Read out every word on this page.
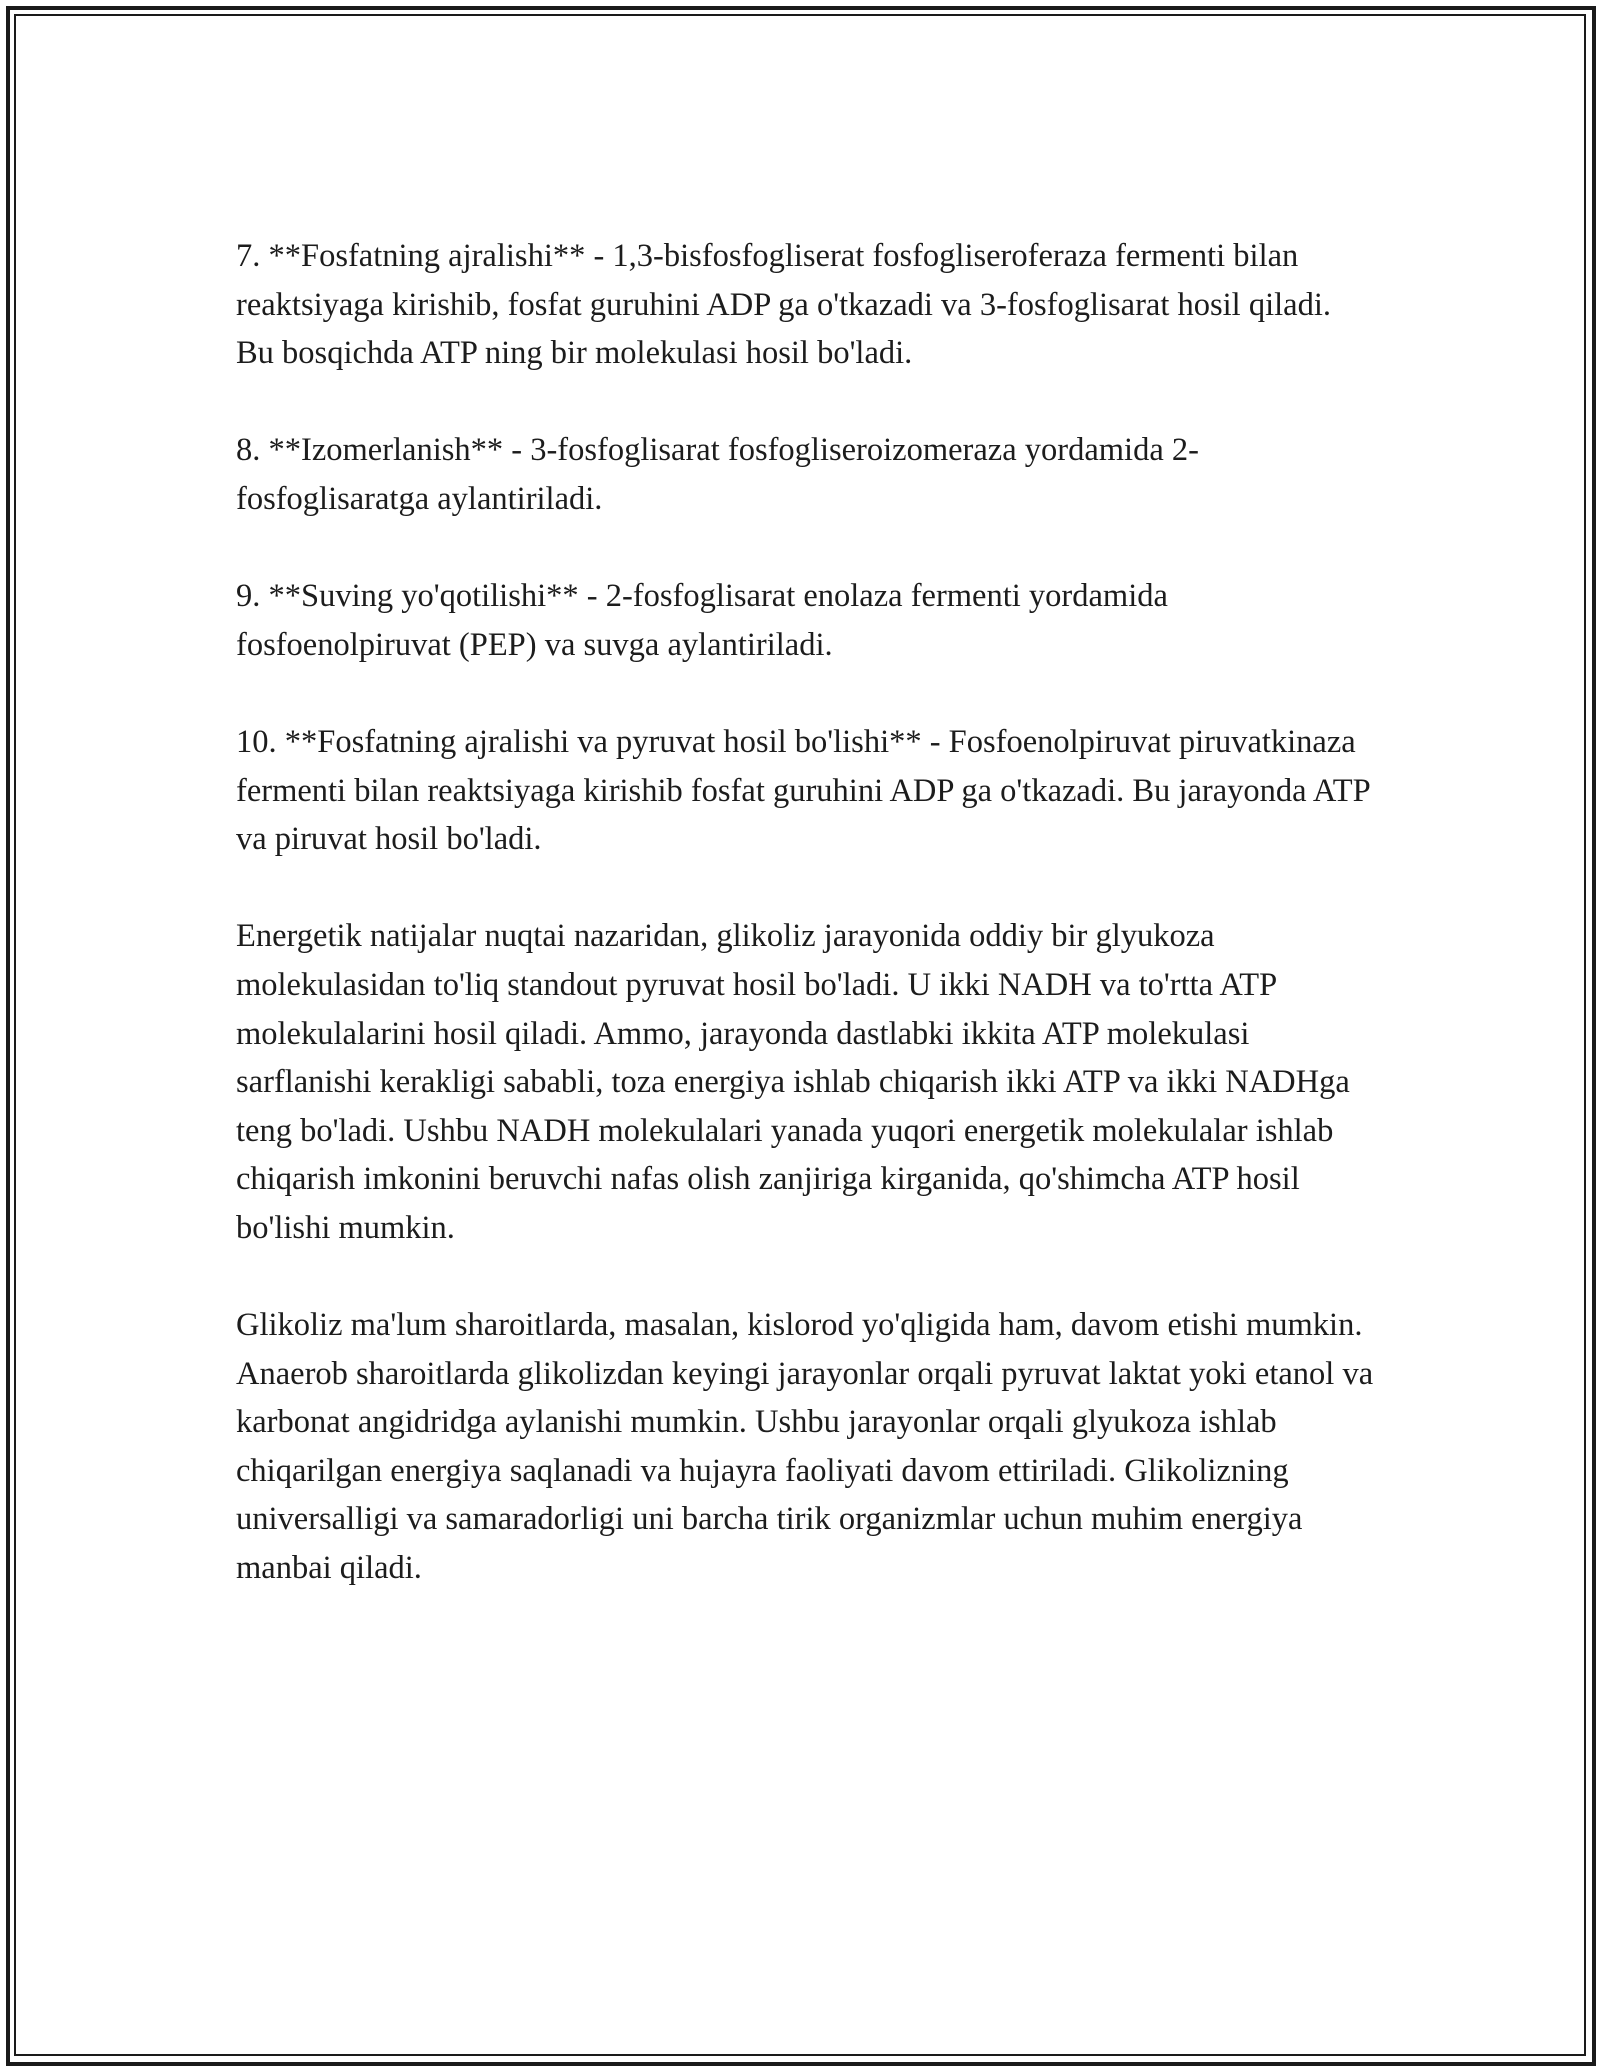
7. **Fosfatning ajralishi** - 1,3-bisfosfogliserat fosfogliseroferaza fermenti bilan reaktsiyaga kirishib, fosfat guruhini ADP ga o'tkazadi va 3-fosfoglisarat hosil qiladi. Bu bosqichda ATP ning bir molekulasi hosil bo'ladi.

8. **Izomerlanish** - 3-fosfoglisarat fosfogliseroizomeraza yordamida 2-fosfoglisaratga aylantiriladi.

9. **Suving yo'qotilishi** - 2-fosfoglisarat enolaza fermenti yordamida fosfoenolpiruvat (PEP) va suvga aylantiriladi.

10. **Fosfatning ajralishi va pyruvat hosil bo'lishi** - Fosfoenolpiruvat piruvatkinaza fermenti bilan reaktsiyaga kirishib fosfat guruhini ADP ga o'tkazadi. Bu jarayonda ATP va piruvat hosil bo'ladi.

Energetik natijalar nuqtai nazaridan, glikoliz jarayonida oddiy bir glyukoza molekulasidan to'liq standout pyruvat hosil bo'ladi. U ikki NADH va to'rtta ATP molekulalarini hosil qiladi. Ammo, jarayonda dastlabki ikkita ATP molekulasi sarflanishi kerakligi sababli, toza energiya ishlab chiqarish ikki ATP va ikki NADHga teng bo'ladi. Ushbu NADH molekulalari yanada yuqori energetik molekulalar ishlab chiqarish imkonini beruvchi nafas olish zanjiriga kirganida, qo'shimcha ATP hosil bo'lishi mumkin.

Glikoliz ma'lum sharoitlarda, masalan, kislorod yo'qligida ham, davom etishi mumkin. Anaerob sharoitlarda glikolizdan keyingi jarayonlar orqali pyruvat laktat yoki etanol va karbonat angidridga aylanishi mumkin. Ushbu jarayonlar orqali glyukoza ishlab chiqarilgan energiya saqlanadi va hujayra faoliyati davom ettiriladi. Glikolizning universalligi va samaradorligi uni barcha tirik organizmlar uchun muhim energiya manbai qiladi.
